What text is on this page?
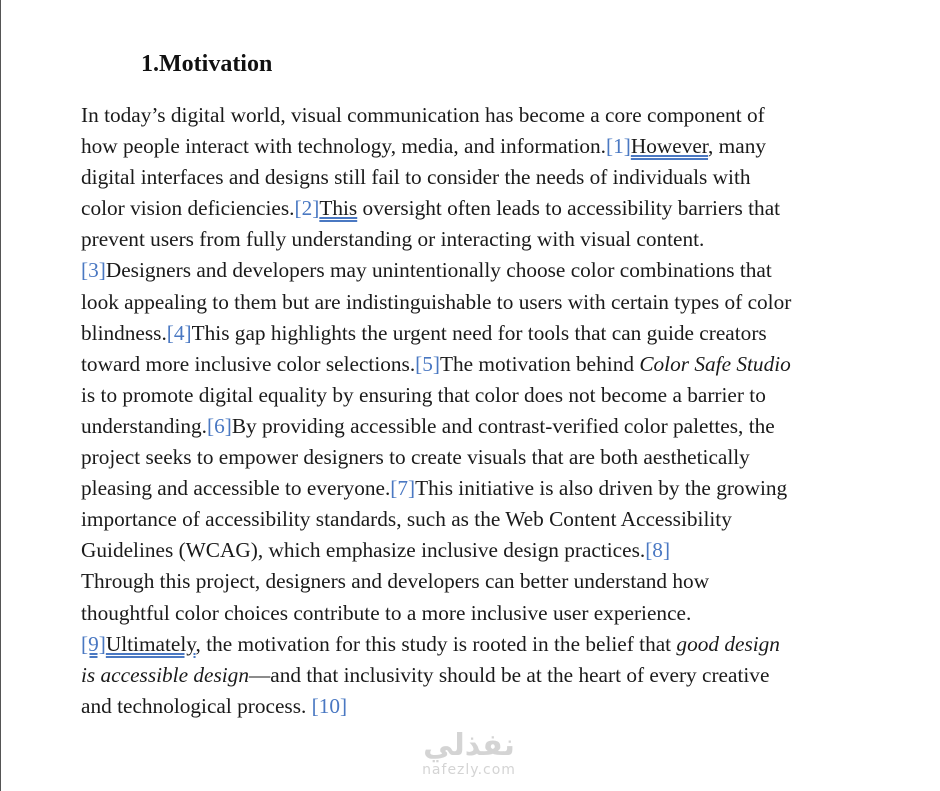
1.Motivation
In today’s digital world, visual communication has become a core component of
how people interact with technology, media, and information.[1]However, many
digital interfaces and designs still fail to consider the needs of individuals with
color vision deficiencies.[2]This oversight often leads to accessibility barriers that
prevent users from fully understanding or interacting with visual content.
[3]Designers and developers may unintentionally choose color combinations that
look appealing to them but are indistinguishable to users with certain types of color
blindness.[4]This gap highlights the urgent need for tools that can guide creators
toward more inclusive color selections.[5]The motivation behind Color Safe Studio
is to promote digital equality by ensuring that color does not become a barrier to
understanding.[6]By providing accessible and contrast-verified color palettes, the
project seeks to empower designers to create visuals that are both aesthetically
pleasing and accessible to everyone.[7]This initiative is also driven by the growing
importance of accessibility standards, such as the Web Content Accessibility
Guidelines (WCAG), which emphasize inclusive design practices.[8]
Through this project, designers and developers can better understand how
thoughtful color choices contribute to a more inclusive user experience.
[9]Ultimately, the motivation for this study is rooted in the belief that good design
is accessible design—and that inclusivity should be at the heart of every creative
and technological process. [10]
نفذلي
nafezly.com
